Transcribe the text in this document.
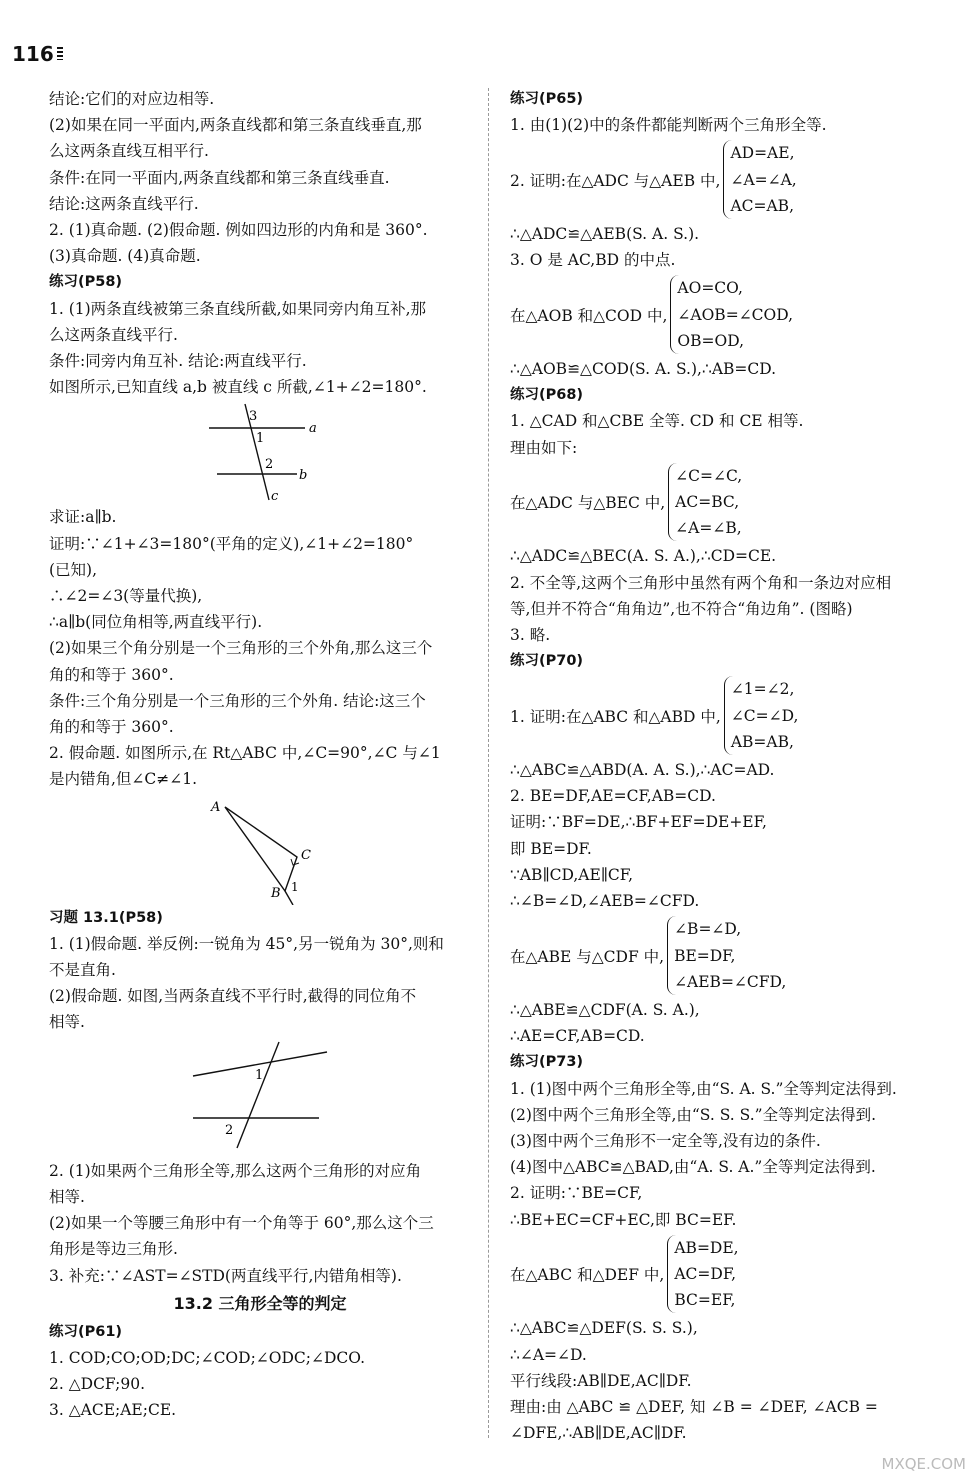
116
结论:它们的对应边相等.
(2)如果在同一平面内,两条直线都和第三条直线垂直,那
么这两条直线互相平行.
条件:在同一平面内,两条直线都和第三条直线垂直.
结论:这两条直线平行.
2. (1)真命题. (2)假命题. 例如四边形的内角和是 360°.
(3)真命题. (4)真命题.
练习(P58)
1. (1)两条直线被第三条直线所截,如果同旁内角互补,那
么这两条直线平行.
条件:同旁内角互补. 结论:两直线平行.
如图所示,已知直线 a,b 被直线 c 所截,∠1+∠2=180°.
3
1
2
a
b
c
求证:a∥b.
证明:∵∠1+∠3=180°(平角的定义),∠1+∠2=180°
(已知),
∴∠2=∠3(等量代换),
∴a∥b(同位角相等,两直线平行).
(2)如果三个角分别是一个三角形的三个外角,那么这三个
角的和等于 360°.
条件:三个角分别是一个三角形的三个外角. 结论:这三个
角的和等于 360°.
2. 假命题. 如图所示,在 Rt△ABC 中,∠C=90°,∠C 与∠1
是内错角,但∠C≠∠1.
A
B
C
1
习题 13.1(P58)
1. (1)假命题. 举反例:一锐角为 45°,另一锐角为 30°,则和
不是直角.
(2)假命题. 如图,当两条直线不平行时,截得的同位角不
相等.
1
2
2. (1)如果两个三角形全等,那么这两个三角形的对应角
相等.
(2)如果一个等腰三角形中有一个角等于 60°,那么这个三
角形是等边三角形.
3. 补充:∵∠AST=∠STD(两直线平行,内错角相等).
13.2 三角形全等的判定
练习(P61)
1. COD;CO;OD;DC;∠COD;∠ODC;∠DCO.
2. △DCF;90.
3. △ACE;AE;CE.
练习(P65)
1. 由(1)(2)中的条件都能判断两个三角形全等.
2. 证明:在△ADC 与△AEB 中,
AD=AE,
∠A=∠A,
AC=AB,
∴△ADC≌△AEB(S. A. S.).
3. O 是 AC,BD 的中点.
在△AOB 和△COD 中,
AO=CO,
∠AOB=∠COD,
OB=OD,
∴△AOB≌△COD(S. A. S.),∴AB=CD.
练习(P68)
1. △CAD 和△CBE 全等. CD 和 CE 相等.
理由如下:
在△ADC 与△BEC 中,
∠C=∠C,
AC=BC,
∠A=∠B,
∴△ADC≌△BEC(A. S. A.),∴CD=CE.
2. 不全等,这两个三角形中虽然有两个角和一条边对应相
等,但并不符合“角角边”,也不符合“角边角”. (图略)
3. 略.
练习(P70)
1. 证明:在△ABC 和△ABD 中,
∠1=∠2,
∠C=∠D,
AB=AB,
∴△ABC≌△ABD(A. A. S.),∴AC=AD.
2. BE=DF,AE=CF,AB=CD.
证明:∵BF=DE,∴BF+EF=DE+EF,
即 BE=DF.
∵AB∥CD,AE∥CF,
∴∠B=∠D,∠AEB=∠CFD.
在△ABE 与△CDF 中,
∠B=∠D,
BE=DF,
∠AEB=∠CFD,
∴△ABE≌△CDF(A. S. A.),
∴AE=CF,AB=CD.
练习(P73)
1. (1)图中两个三角形全等,由“S. A. S.”全等判定法得到.
(2)图中两个三角形全等,由“S. S. S.”全等判定法得到.
(3)图中两个三角形不一定全等,没有边的条件.
(4)图中△ABC≌△BAD,由“A. S. A.”全等判定法得到.
2. 证明:∵BE=CF,
∴BE+EC=CF+EC,即 BC=EF.
在△ABC 和△DEF 中,
AB=DE,
AC=DF,
BC=EF,
∴△ABC≌△DEF(S. S. S.),
∴∠A=∠D.
平行线段:AB∥DE,AC∥DF.
理由:由 △ABC ≌ △DEF, 知 ∠B = ∠DEF, ∠ACB =
∠DFE,∴AB∥DE,AC∥DF.
MXQE.COM
